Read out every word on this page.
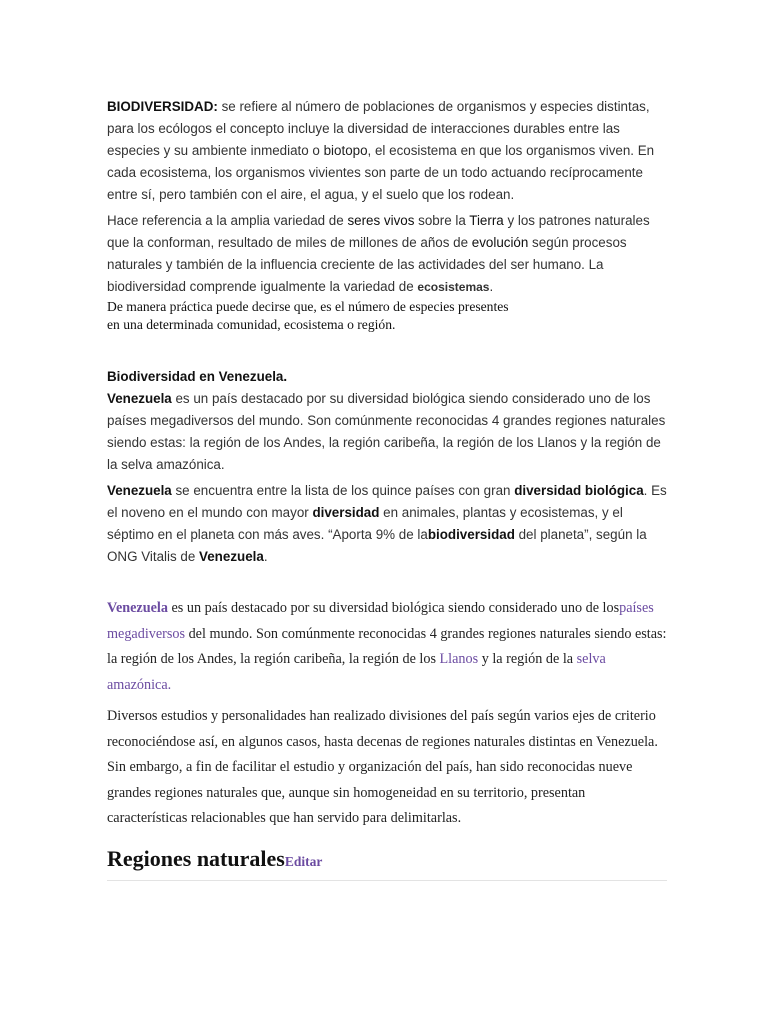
BIODIVERSIDAD: se refiere al número de poblaciones de organismos y especies distintas, para los ecólogos el concepto incluye la diversidad de interacciones durables entre las especies y su ambiente inmediato o biotopo, el ecosistema en que los organismos viven. En cada ecosistema, los organismos vivientes son parte de un todo actuando recíprocamente entre sí, pero también con el aire, el agua, y el suelo que los rodean.

Hace referencia a la amplia variedad de seres vivos sobre la Tierra y los patrones naturales que la conforman, resultado de miles de millones de años de evolución según procesos naturales y también de la influencia creciente de las actividades del ser humano. La biodiversidad comprende igualmente la variedad de ecosistemas.

De manera práctica puede decirse que, es el número de especies presentes
en una determinada comunidad, ecosistema o región.

Biodiversidad en Venezuela.

Venezuela es un país destacado por su diversidad biológica siendo considerado uno de los países megadiversos del mundo. Son comúnmente reconocidas 4 grandes regiones naturales siendo estas: la región de los Andes, la región caribeña, la región de los Llanos y la región de la selva amazónica.

Venezuela se encuentra entre la lista de los quince países con gran diversidad biológica. Es el noveno en el mundo con mayor diversidad en animales, plantas y ecosistemas, y el séptimo en el planeta con más aves. “Aporta 9% de labiodiversidad del planeta”, según la ONG Vitalis de Venezuela.

Venezuela es un país destacado por su diversidad biológica siendo considerado uno de lospaíses megadiversos del mundo. Son comúnmente reconocidas 4 grandes regiones naturales siendo estas: la región de los Andes, la región caribeña, la región de los Llanos y la región de la selva amazónica.

Diversos estudios y personalidades han realizado divisiones del país según varios ejes de criterio reconociéndose así, en algunos casos, hasta decenas de regiones naturales distintas en Venezuela. Sin embargo, a fin de facilitar el estudio y organización del país, han sido reconocidas nueve grandes regiones naturales que, aunque sin homogeneidad en su territorio, presentan características relacionables que han servido para delimitarlas.

Regiones naturalesEditar
